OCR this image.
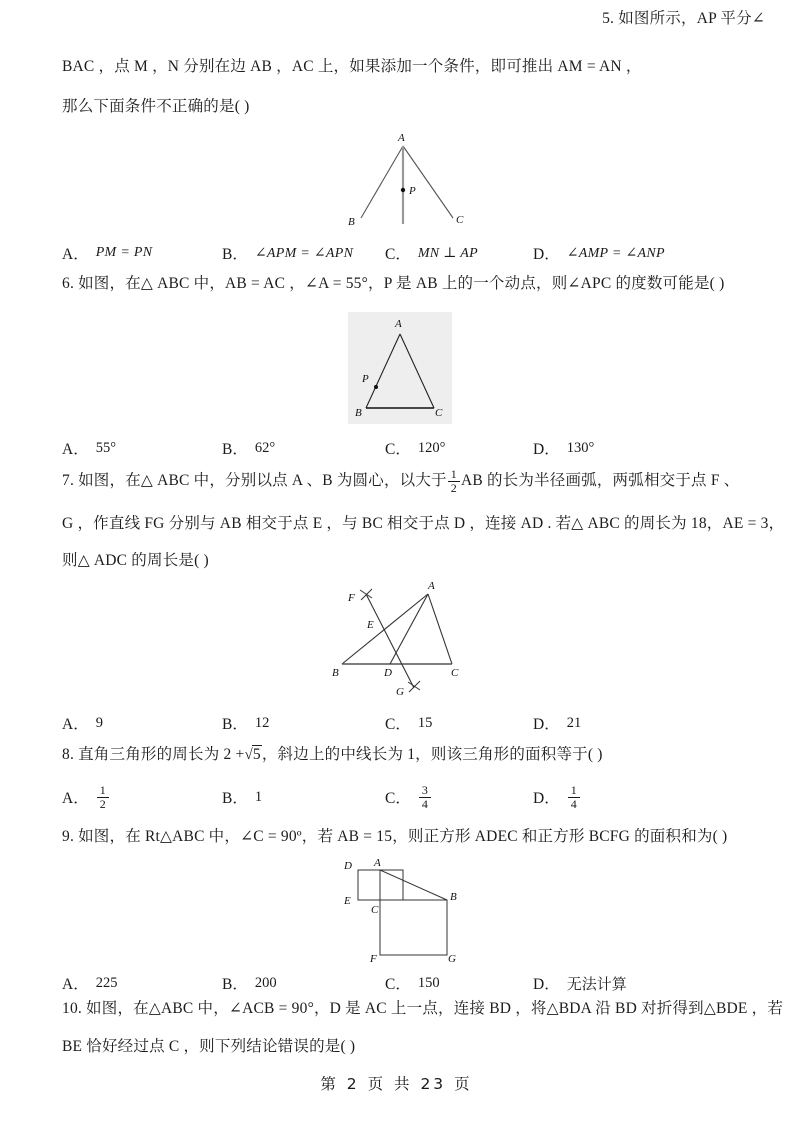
5. 如图所示，AP 平分∠
BAC ，点 M ，N 分别在边 AB ，AC 上，如果添加一个条件，即可推出 AM = AN ，
那么下面条件不正确的是( )
A
B	C
P
A． PM = PN	B． ∠APM = ∠APN C． MN ⊥ AP	D． ∠AMP = ∠ANP
6. 如图，在△ ABC 中，AB = AC ，∠A = 55°，P 是 AB 上的一个动点，则∠APC 的度数可能是( )
A
B	C
P
A． 55°	B． 62°	C． 120°	D． 130°
7. 如图，在△ ABC 中，分别以点 A 、B 为圆心，以大于 $\frac{1}{2}$ AB 的长为半径画弧，两弧相交于点 F 、
G ，作直线 FG 分别与 AB 相交于点 E ，与 BC 相交于点 D ，连接 AD . 若△ ABC 的周长为 18，AE = 3，
则△ ADC 的周长是( )
A
B	C
D
E
F
G
A． 9	B． 12	C． 15	D． 21
8. 直角三角形的周长为 2 + √5 ，斜边上的中线长为 1，则该三角形的面积等于( )
A． $\frac{1}{2}$	B． 1	C． $\frac{3}{4}$	D． $\frac{1}{4}$
9. 如图，在 Rt△ABC 中，∠C = 90º，若 AB = 15，则正方形 ADEC 和正方形 BCFG 的面积和为( )
A
B
C
D
E
F	G
A． 225	B． 200	C． 150	D． 无法计算
10. 如图，在△ABC 中，∠ACB = 90°，D 是 AC 上一点，连接 BD ，将△BDA 沿 BD 对折得到△BDE ，若
BE 恰好经过点 C ，则下列结论错误的是( )
第 2 页 共 23 页
